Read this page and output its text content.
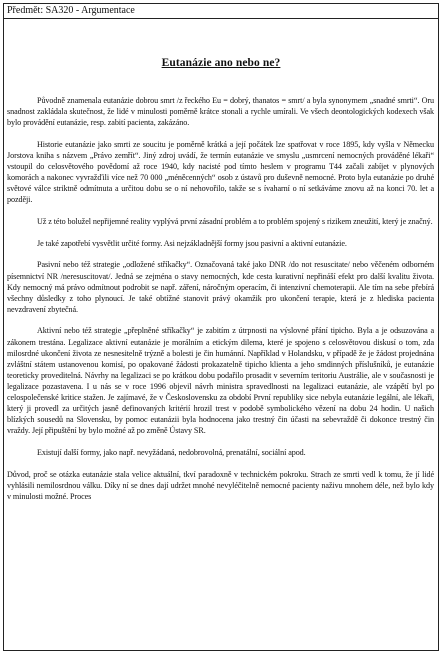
Předmět: SA320 - Argumentace
Eutanázie ano nebo ne?

Původně znamenala eutanázie dobrou smrt /z řeckého Eu = dobrý, thanatos = smrt/ a byla synonymem „snadné smrti“. Oru snadnost zakládala skutečnost, že lidé v minulosti poměrně krátce stonali a rychle umírali. Ve všech deontologických kodexech však bylo provádění eutanázie, resp. zabití pacienta, zakázáno.

Historie eutanázie jako smrti ze soucitu je poměrně krátká a její počátek lze spatřovat v roce 1895, kdy vyšla v Německu Jorstova kniha s názvem „Právo zemřít“. Jiný zdroj uvádí, že termín eutanázie ve smyslu „usmrcení nemocných prováděné lékaři“ vstoupil do celosvětového povědomí až roce 1940, kdy nacisté pod tímto heslem v programu T44 začali zabíjet v plynových komorách a nakonec vyvražďili více než 70 000 „méněcenných“ osob z ústavů pro duševně nemocné. Proto byla eutanázie po druhé světové válce striktně odmítnuta a určitou dobu se o ní nehovořilo, takže se s ívaharní o ní setkáváme znovu až na konci 70. let a později.

Už z této bolužel nepřijemné reality vyplývá první zásadní problém a to problém spojený s rizikem zneužití, který je značný.

Je také zapotřebí vysvětlit určité formy. Asi nejzákladnější formy jsou pasivní a aktivní eutanázie.

Pasivní nebo též strategie „odložené stříkačky“. Označovaná také jako DNR /do not resuscitate/ nebo věčeném odborném písemnictví NR /neresuscitovat/. Jedná se zejména o stavy nemocných, kde cesta kurativní nepřináší efekt pro další kvalitu života. Kdy nemocný má právo odmítnout podrobit se např. záření, náročným operacím, či intenzivní chemoterapii. Ale tím na sebe přebírá všechny důsledky z toho plynoucí. Je také obtížné stanovit právý okamžik pro ukončení terapie, která je z hlediska pacienta nevzdravení zbytečná.

Aktivní nebo též strategie „přeplněné stříkačky“ je zabitím z útrpnosti na výslovné přání tipicho. Byla a je odsuzována a zákonem trestána. Legalizace aktivní eutanázie je morálním a etickým dilema, které je spojeno s celosvětovou diskusí o tom, zda milosrdné ukončení života ze nesnesitelně trýzně a bolesti je čin humánní. Například v Holandsku, v případě že je žádost projednána zvláštní státem ustanovenou komisí, po opakované žádosti prokazatelně tipicho klienta a jeho smdinných příslušníků, je eutanázie teoreticky proveditelná. Návrhy na legalizaci se po krátkou dobu podařilo prosadit v severním teritoriu Austrálie, ale v současnosti je legalizace pozastavena. I u nás se v roce 1996 objevil návrh ministra spravedlnosti na legalizaci eutanázie, ale vzápětí byl po celospolečenské kritice stažen. Je zajímavé, že v Československu za období První republiky sice nebyla eutanázie legální, ale lékaři, který ji provedl za určitých jasně definovaných kritérií hrozil trest v podobě symbolického vězení na dobu 24 hodin. U našich blízkých sousedů na Slovensku, by pomoc eutanázii byla hodnocena jako trestný čin účasti na sebevraždě či dokonce trestný čin vraždy. Její připuštění by bylo možné až po změně Ústavy SR.

Existují další formy, jako např. nevyžádaná, nedobrovolná, prenatální, sociální apod.

Důvod, proč se otázka eutanázie stala velice aktuální, tkví paradoxně v technickém pokroku. Strach ze smrti vedl k tomu, že jí lidé vyhlásili nemilosrdnou válku. Díky ní se dnes dají udržet mnohé nevyléčitelně nemocné pacienty naživu mnohem déle, než bylo kdy v minulosti možné. Proces
